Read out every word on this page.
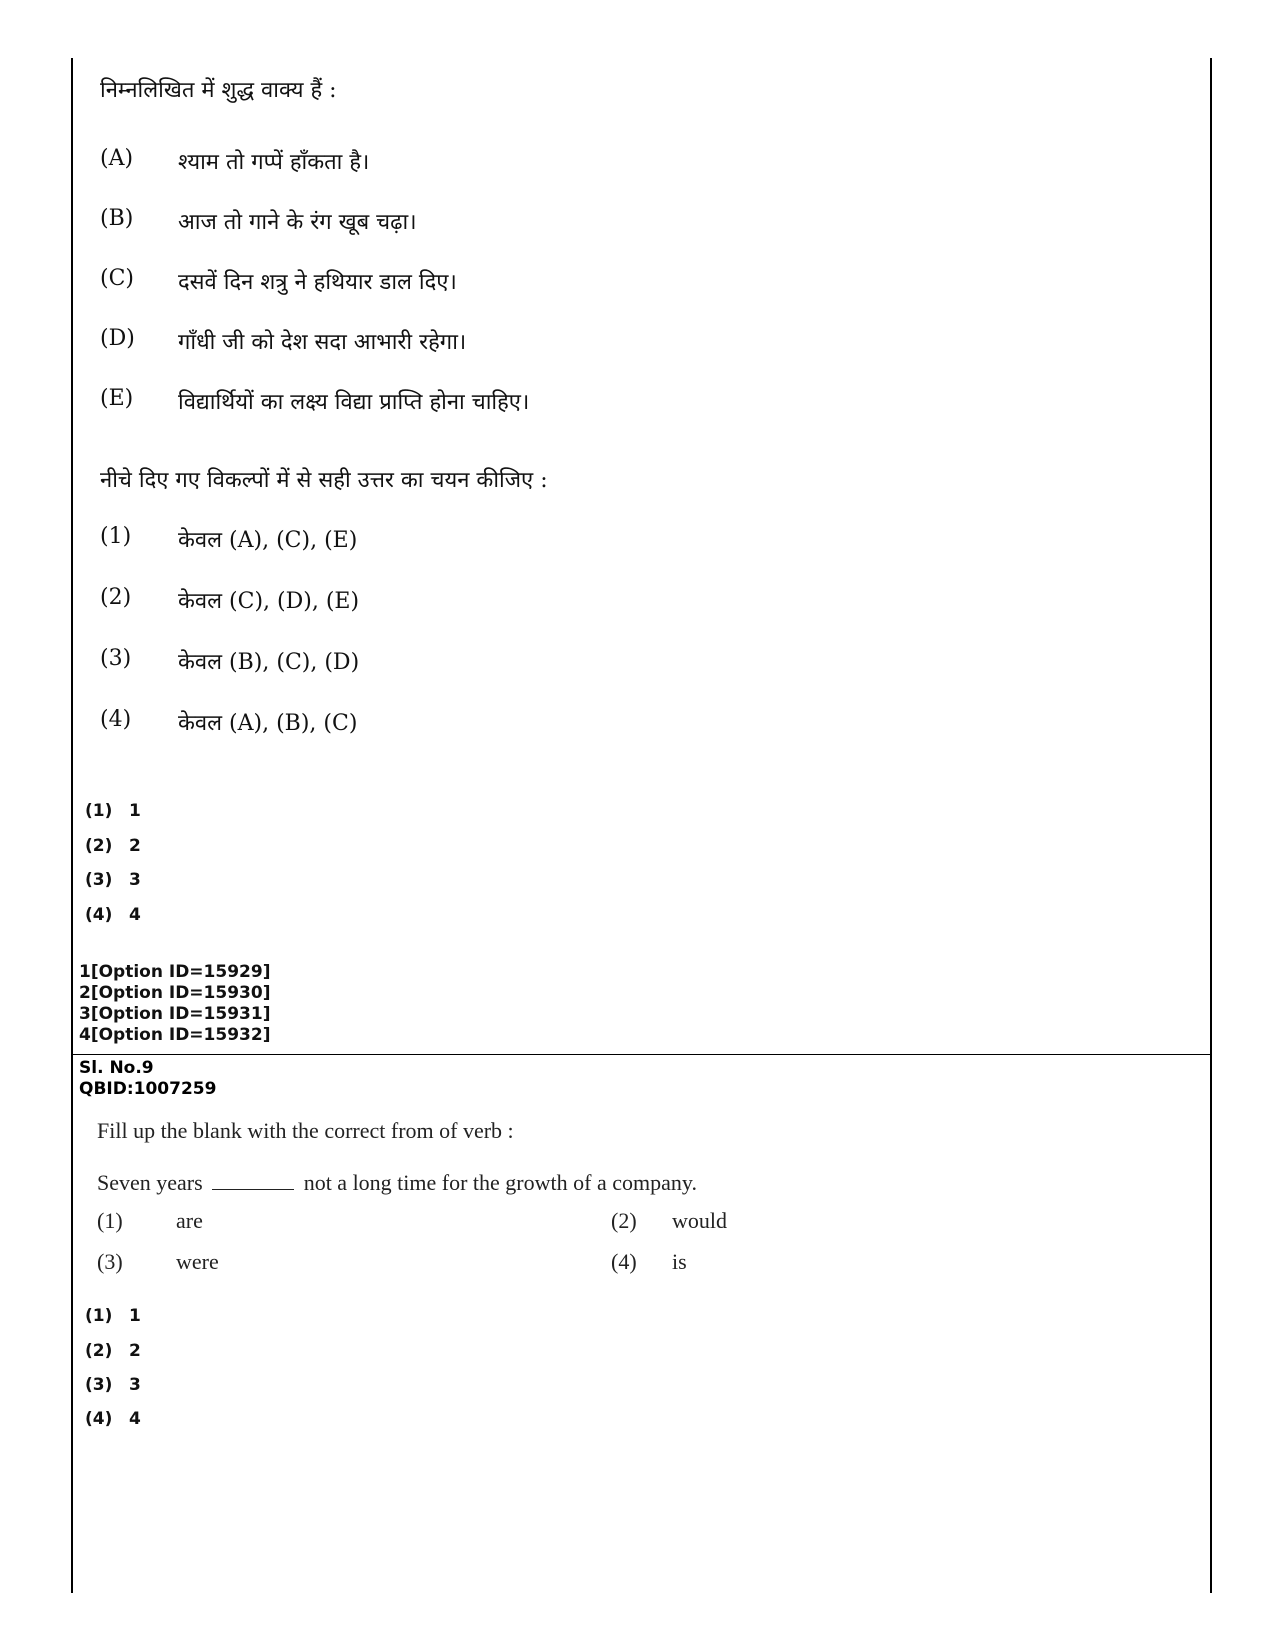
निम्नलिखित में शुद्ध वाक्य हैं :
(A)	श्याम तो गप्पें हाँकता है।
(B)	आज तो गाने के रंग खूब चढ़ा।
(C)	दसवें दिन शत्रु ने हथियार डाल दिए।
(D)	गाँधी जी को देश सदा आभारी रहेगा।
(E)	विद्यार्थियों का लक्ष्य विद्या प्राप्ति होना चाहिए।
नीचे दिए गए विकल्पों में से सही उत्तर का चयन कीजिए :
(1)	केवल (A), (C), (E)
(2)	केवल (C), (D), (E)
(3)	केवल (B), (C), (D)
(4)	केवल (A), (B), (C)
(1) 1
(2) 2
(3) 3
(4) 4
1[Option ID=15929]
2[Option ID=15930]
3[Option ID=15931]
4[Option ID=15932]
Sl. No.9
QBID:1007259
Fill up the blank with the correct from of verb :
Seven years	not a long time for the growth of a company.
(1) are	(2) would
(3) were	(4) is
(1) 1
(2) 2
(3) 3
(4) 4
